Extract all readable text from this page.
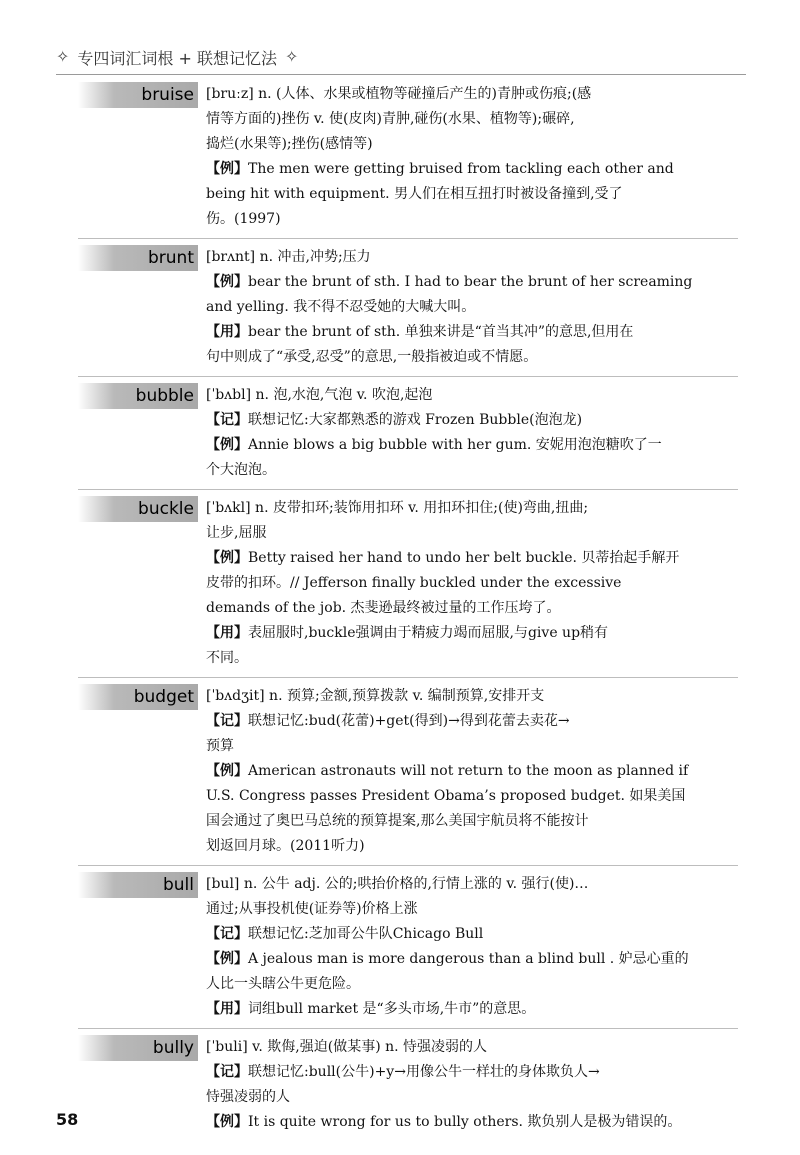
✧ 专四词汇词根 + 联想记忆法 ✧
bruise [bruːz] n. (人体、水果或植物等碰撞后产生的)青肿或伤痕;(感
情等方面的)挫伤 v. 使(皮肉)青肿,碰伤(水果、植物等);碾碎,
捣烂(水果等);挫伤(感情等)
【例】The men were getting bruised from tackling each other and
being hit with equipment. 男人们在相互扭打时被设备撞到,受了
伤。(1997)
brunt [brʌnt] n. 冲击,冲势;压力
【例】bear the brunt of sth. I had to bear the brunt of her screaming
and yelling. 我不得不忍受她的大喊大叫。
【用】bear the brunt of sth. 单独来讲是“首当其冲”的意思,但用在
句中则成了“承受,忍受”的意思,一般指被迫或不情愿。
bubble [ˈbʌbl] n. 泡,水泡,气泡 v. 吹泡,起泡
【记】联想记忆:大家都熟悉的游戏 Frozen Bubble(泡泡龙)
【例】Annie blows a big bubble with her gum. 安妮用泡泡糖吹了一
个大泡泡。
buckle [ˈbʌkl] n. 皮带扣环;装饰用扣环 v. 用扣环扣住;(使)弯曲,扭曲;
让步,屈服
【例】Betty raised her hand to undo her belt buckle. 贝蒂抬起手解开
皮带的扣环。// Jefferson finally buckled under the excessive
demands of the job. 杰斐逊最终被过量的工作压垮了。
【用】表屈服时,buckle强调由于精疲力竭而屈服,与give up稍有
不同。
budget [ˈbʌdʒit] n. 预算;金额,预算拨款 v. 编制预算,安排开支
【记】联想记忆:bud(花蕾)+get(得到)→得到花蕾去卖花→
预算
【例】American astronauts will not return to the moon as planned if
U.S. Congress passes President Obama’s proposed budget. 如果美国
国会通过了奥巴马总统的预算提案,那么美国宇航员将不能按计
划返回月球。(2011听力)
bull [bul] n. 公牛 adj. 公的;哄抬价格的,行情上涨的 v. 强行(使)…
通过;从事投机使(证券等)价格上涨
【记】联想记忆:芝加哥公牛队Chicago Bull
【例】A jealous man is more dangerous than a blind bull . 妒忌心重的
人比一头瞎公牛更危险。
【用】词组bull market 是“多头市场,牛市”的意思。
bully [ˈbuli] v. 欺侮,强迫(做某事) n. 恃强凌弱的人
【记】联想记忆:bull(公牛)+y→用像公牛一样壮的身体欺负人→
恃强凌弱的人
【例】It is quite wrong for us to bully others. 欺负别人是极为错误的。
58
